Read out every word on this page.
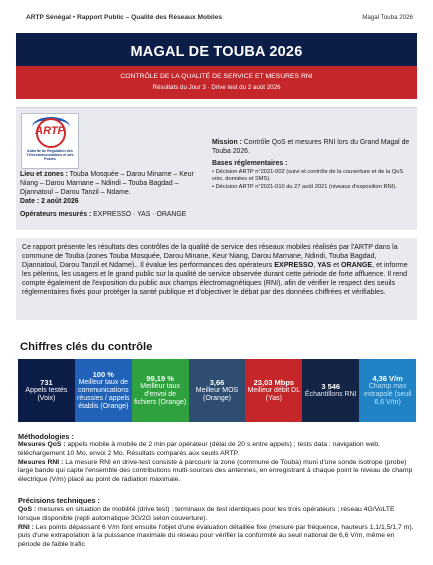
ARTP Sénégal • Rapport Public – Qualité des Réseaux Mobiles	Magal Touba 2026
MAGAL DE TOUBA 2026
CONTRÔLE DE LA QUALITÉ DE SERVICE ET MESURES RNI
Résultats du Jour 3 · Drive test du 2 août 2026
ARTP
Autorité de Régulation des Télécommunications et des Postes
Lieu et zones : Touba Mosquée – Darou Miname – Keur Niang – Darou Marnane – Ndindi – Touba Bagdad – Djannatoul – Darou Tanzil – Ndame.
Date : 2 août 2026
Opérateurs mesurés : EXPRESSO · YAS · ORANGE
Mission : Contrôle QoS et mesures RNI lors du Grand Magal de Touba 2026.
Bases réglementaires :
• Décision ARTP n°2021-002 (suivi et contrôle de la couverture et de la QoS voix, données et SMS).
• Décision ARTP n°2021-010 du 27 août 2021 (niveaux d'exposition RNI).
Ce rapport présente les résultats des contrôles de la qualité de service des réseaux mobiles réalisés par l'ARTP dans la commune de Touba (zones Touba Mosquée, Darou Minane, Keur Niang, Darou Marnane, Ndindi, Touba Bagdad, Djannatoul, Darou Tanzil et Ndame).. Il évalue les performances des opérateurs EXPRESSO, YAS et ORANGE, et informe les pèlerins, les usagers et le grand public sur la qualité de service observée durant cette période de forte affluence. Il rend compte également de l'exposition du public aux champs électromagnétiques (RNI), afin de vérifier le respect des seuils réglementaires fixés pour protéger la santé publique et d'objectiver le débat par des données chiffrées et vérifiables.
Chiffres clés du contrôle
731
Appels testés (Voix)
100 %
Meilleur taux de communications réussies / appels établis (Orange)
99,19 %
Meilleur taux d'envoi de fichiers (Orange)
3,66
Meilleur MOS (Orange)
23,03 Mbps
Meilleur débit DL (Yas)
3 546
Échantillons RNI
4,36 V/m
Champ max extrapolé (seuil 6,6 V/m)
Méthodologies :

Mesures QoS : appels mobile à mobile de 2 min par opérateur (délai de 20 s entre appels) ; tests data : navigation web, téléchargement 10 Mo, envoi 2 Mo. Résultats comparés aux seuils ARTP.

Mesures RNI : La mesure RNI en drive-test consiste à parcourir la zone (commune de Touba) muni d'une sonde isotrope (probe) large bande qui capte l'ensemble des contributions multi-sources des antennes, en enregistrant à chaque point le niveau de champ électrique (V/m) placé au point de radiation maximale.

Précisions techniques :

QoS : mesures en situation de mobilité (drive test) : terminaux de test identiques pour les trois opérateurs ; réseau 4G/VoLTE lorsque disponible (repli automatique 3G/2G selon couverture).

RNI : Les points dépassant 6 V/m font ensuite l'objet d'une évaluation détaillée fixe (mesure par fréquence, hauteurs 1,1/1,5/1,7 m), puis d'une extrapolation à la puissance maximale du réseau pour vérifier la conformité au seuil national de 6,6 V/m, même en période de faible trafic
